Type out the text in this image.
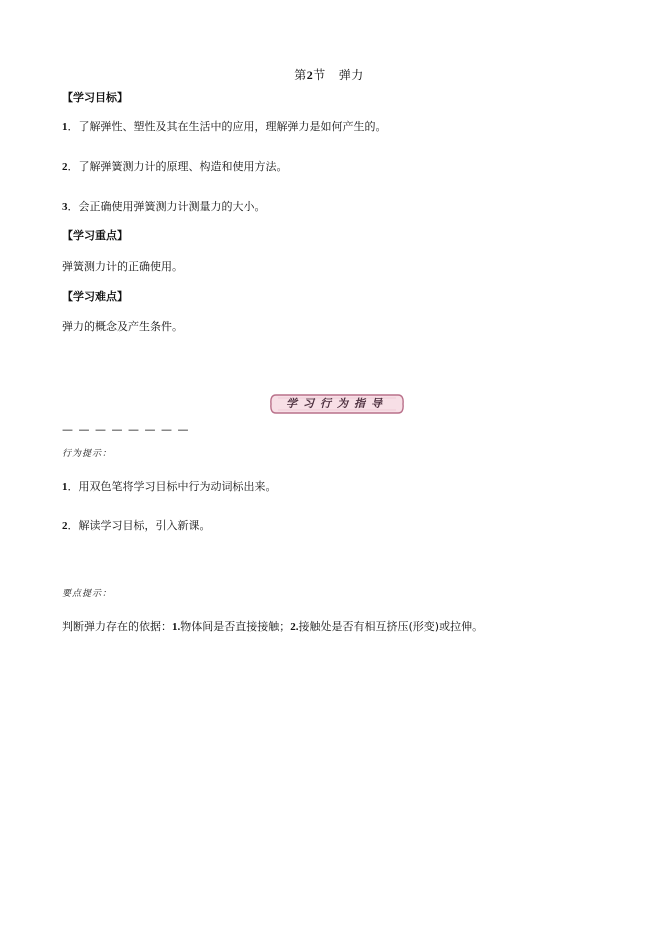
第2节 弹力
【学习目标】
1．了解弹性、塑性及其在生活中的应用，理解弹力是如何产生的。
2．了解弹簧测力计的原理、构造和使用方法。
3．会正确使用弹簧测力计测量力的大小。
【学习重点】
弹簧测力计的正确使用。
【学习难点】
弹力的概念及产生条件。
学习行为指导
— — — — — — — —
行为提示：
1．用双色笔将学习目标中行为动词标出来。
2．解读学习目标，引入新课。
要点提示：
判断弹力存在的依据：1.物体间是否直接接触；2.接触处是否有相互挤压(形变)或拉伸。
